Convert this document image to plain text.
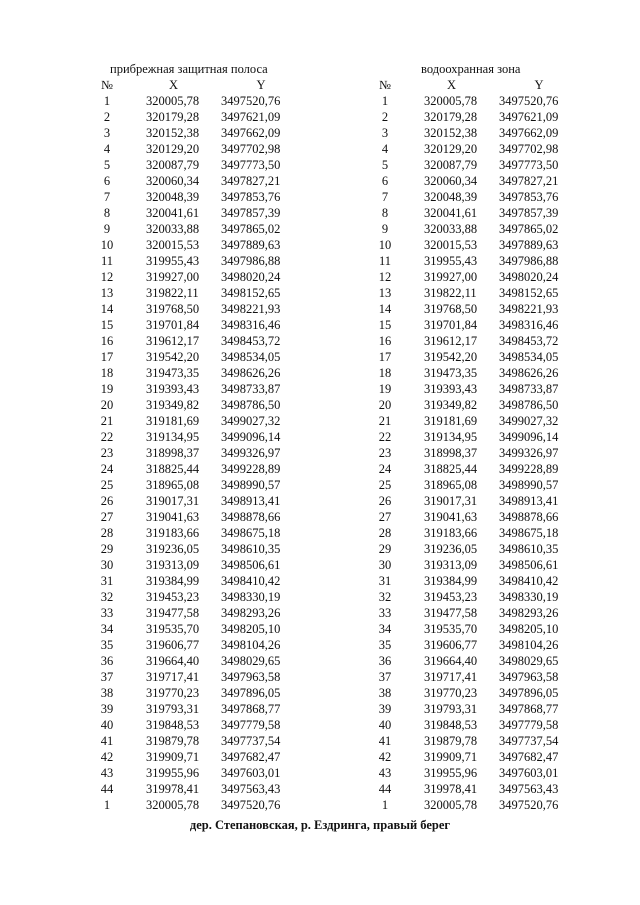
прибрежная защитная полоса
№	X	Y
1	320005,78	3497520,76
2	320179,28	3497621,09
3	320152,38	3497662,09
4	320129,20	3497702,98
5	320087,79	3497773,50
6	320060,34	3497827,21
7	320048,39	3497853,76
8	320041,61	3497857,39
9	320033,88	3497865,02
10	320015,53	3497889,63
11	319955,43	3497986,88
12	319927,00	3498020,24
13	319822,11	3498152,65
14	319768,50	3498221,93
15	319701,84	3498316,46
16	319612,17	3498453,72
17	319542,20	3498534,05
18	319473,35	3498626,26
19	319393,43	3498733,87
20	319349,82	3498786,50
21	319181,69	3499027,32
22	319134,95	3499096,14
23	318998,37	3499326,97
24	318825,44	3499228,89
25	318965,08	3498990,57
26	319017,31	3498913,41
27	319041,63	3498878,66
28	319183,66	3498675,18
29	319236,05	3498610,35
30	319313,09	3498506,61
31	319384,99	3498410,42
32	319453,23	3498330,19
33	319477,58	3498293,26
34	319535,70	3498205,10
35	319606,77	3498104,26
36	319664,40	3498029,65
37	319717,41	3497963,58
38	319770,23	3497896,05
39	319793,31	3497868,77
40	319848,53	3497779,58
41	319879,78	3497737,54
42	319909,71	3497682,47
43	319955,96	3497603,01
44	319978,41	3497563,43
1	320005,78	3497520,76
водоохранная зона
№	X	Y
1	320005,78	3497520,76
2	320179,28	3497621,09
3	320152,38	3497662,09
4	320129,20	3497702,98
5	320087,79	3497773,50
6	320060,34	3497827,21
7	320048,39	3497853,76
8	320041,61	3497857,39
9	320033,88	3497865,02
10	320015,53	3497889,63
11	319955,43	3497986,88
12	319927,00	3498020,24
13	319822,11	3498152,65
14	319768,50	3498221,93
15	319701,84	3498316,46
16	319612,17	3498453,72
17	319542,20	3498534,05
18	319473,35	3498626,26
19	319393,43	3498733,87
20	319349,82	3498786,50
21	319181,69	3499027,32
22	319134,95	3499096,14
23	318998,37	3499326,97
24	318825,44	3499228,89
25	318965,08	3498990,57
26	319017,31	3498913,41
27	319041,63	3498878,66
28	319183,66	3498675,18
29	319236,05	3498610,35
30	319313,09	3498506,61
31	319384,99	3498410,42
32	319453,23	3498330,19
33	319477,58	3498293,26
34	319535,70	3498205,10
35	319606,77	3498104,26
36	319664,40	3498029,65
37	319717,41	3497963,58
38	319770,23	3497896,05
39	319793,31	3497868,77
40	319848,53	3497779,58
41	319879,78	3497737,54
42	319909,71	3497682,47
43	319955,96	3497603,01
44	319978,41	3497563,43
1	320005,78	3497520,76
дер. Степановская, р. Ездринга, правый берег
